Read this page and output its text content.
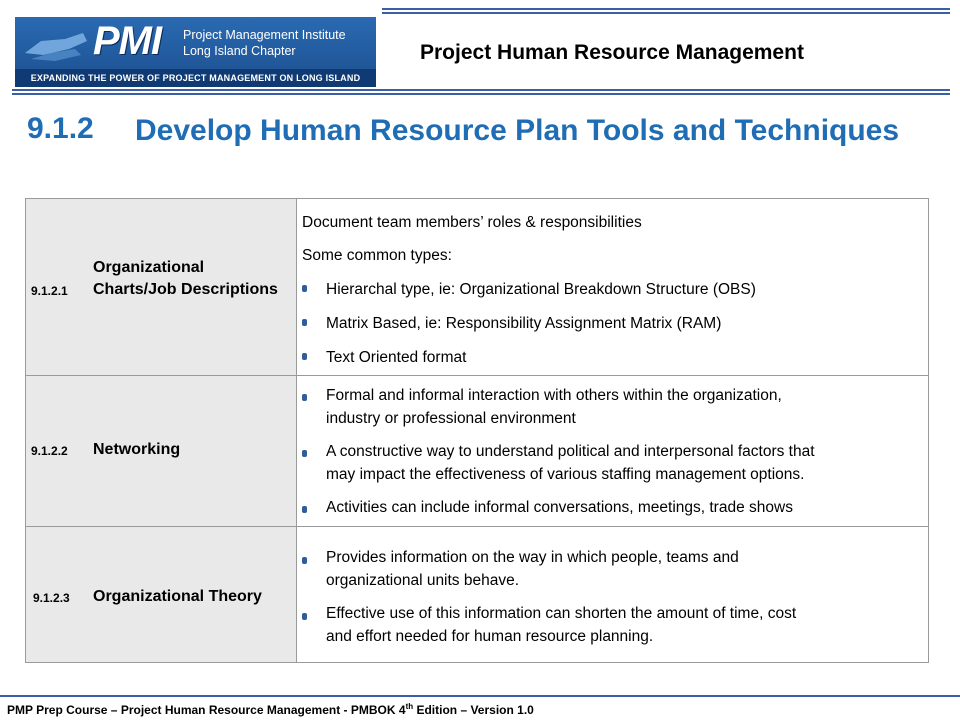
PMI Project Management Institute
Long Island Chapter
EXPANDING THE POWER OF PROJECT MANAGEMENT ON LONG ISLAND
Project Human Resource Management
9.1.2 Develop Human Resource Plan Tools and Techniques
9.1.2.1
Organizational Charts/Job Descriptions
Document team members’ roles & responsibilities
Some common types:
Hierarchal type, ie: Organizational Breakdown Structure (OBS)
Matrix Based, ie: Responsibility Assignment Matrix (RAM)
Text Oriented format
9.1.2.2 Networking
Formal and informal interaction with others within the organization,
industry or professional environment
A constructive way to understand political and interpersonal factors that
may impact the effectiveness of various staffing management options.
Activities can include informal conversations, meetings, trade shows
9.1.2.3 Organizational Theory
Provides information on the way in which people, teams and
organizational units behave.
Effective use of this information can shorten the amount of time, cost
and effort needed for human resource planning.
PMP Prep Course – Project Human Resource Management - PMBOK 4th Edition – Version 1.0
